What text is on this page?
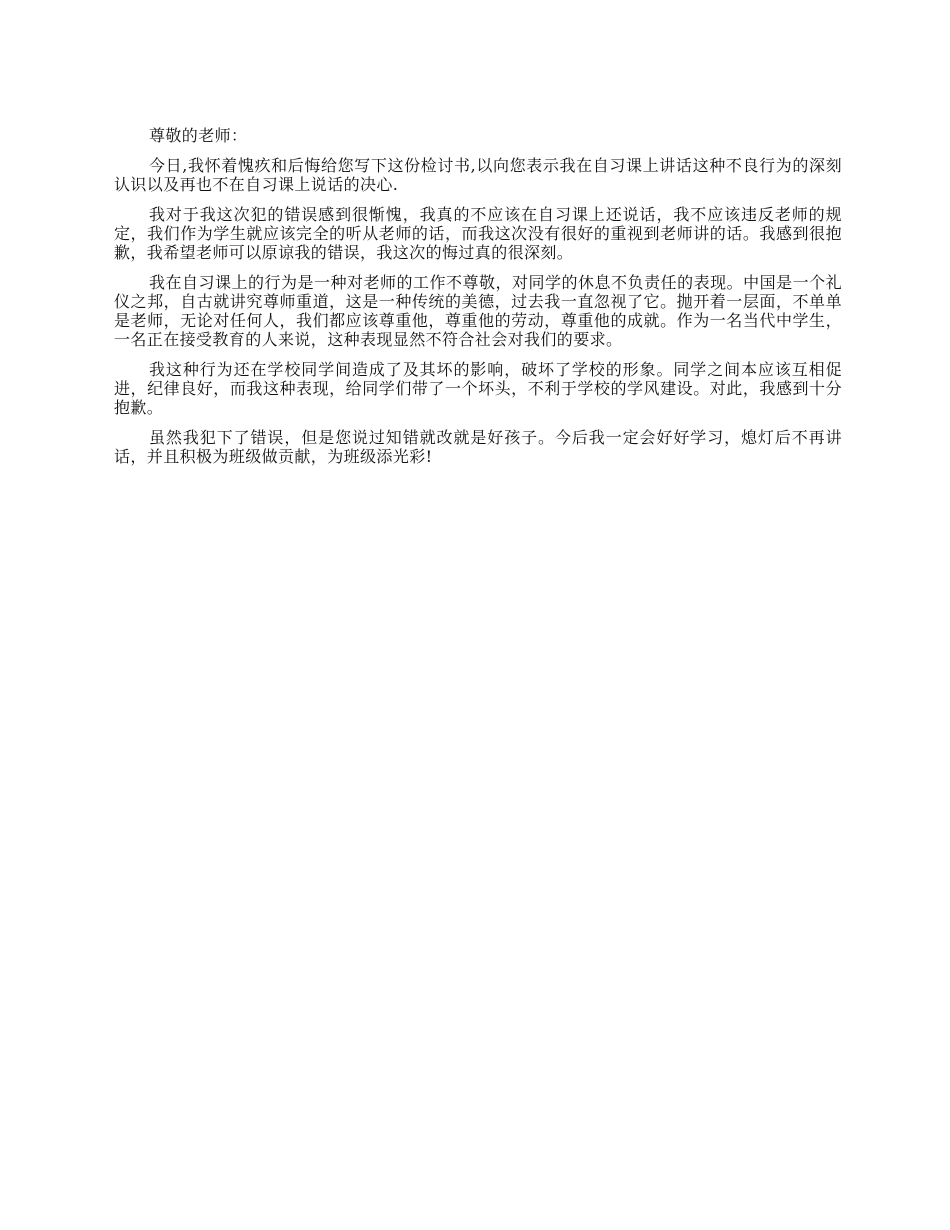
尊敬的老师：

今日,我怀着愧疚和后悔给您写下这份检讨书,以向您表示我在自习课上讲话这种不良行为的深刻认识以及再也不在自习课上说话的决心.

我对于我这次犯的错误感到很惭愧，我真的不应该在自习课上还说话，我不应该违反老师的规定，我们作为学生就应该完全的听从老师的话，而我这次没有很好的重视到老师讲的话。我感到很抱歉，我希望老师可以原谅我的错误，我这次的悔过真的很深刻。

我在自习课上的行为是一种对老师的工作不尊敬，对同学的休息不负责任的表现。中国是一个礼仪之邦，自古就讲究尊师重道，这是一种传统的美德，过去我一直忽视了它。抛开着一层面，不单单是老师，无论对任何人，我们都应该尊重他，尊重他的劳动，尊重他的成就。作为一名当代中学生，一名正在接受教育的人来说，这种表现显然不符合社会对我们的要求。

我这种行为还在学校同学间造成了及其坏的影响，破坏了学校的形象。同学之间本应该互相促进，纪律良好，而我这种表现，给同学们带了一个坏头，不利于学校的学风建设。对此，我感到十分抱歉。

虽然我犯下了错误，但是您说过知错就改就是好孩子。今后我一定会好好学习，熄灯后不再讲话，并且积极为班级做贡献，为班级添光彩!
